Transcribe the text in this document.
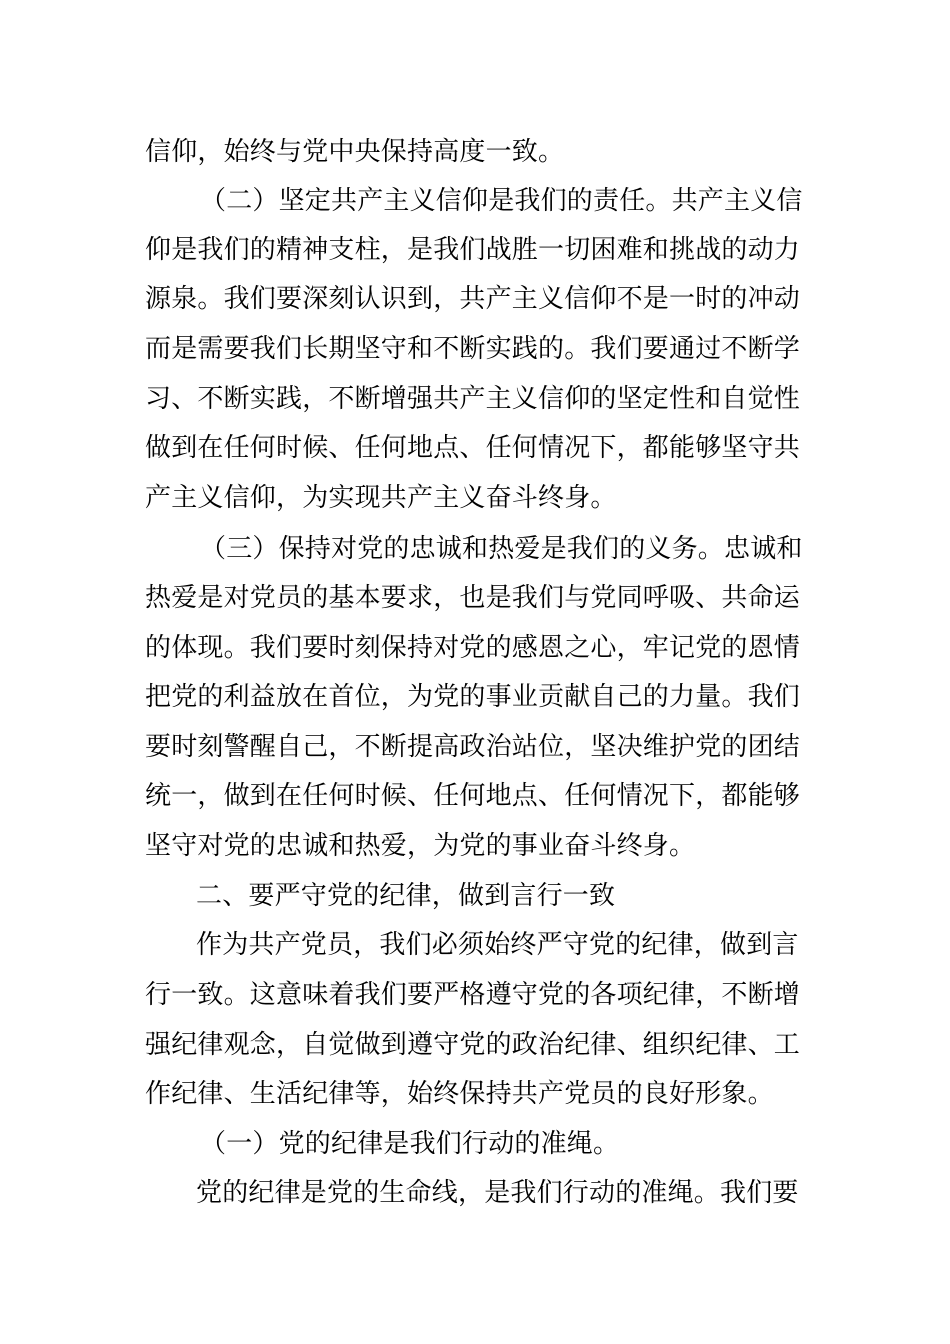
信仰，始终与党中央保持高度一致。
（二）坚定共产主义信仰是我们的责任。共产主义信
仰是我们的精神支柱，是我们战胜一切困难和挑战的动力
源泉。我们要深刻认识到，共产主义信仰不是一时的冲动
而是需要我们长期坚守和不断实践的。我们要通过不断学
习、不断实践，不断增强共产主义信仰的坚定性和自觉性
做到在任何时候、任何地点、任何情况下，都能够坚守共
产主义信仰，为实现共产主义奋斗终身。
（三）保持对党的忠诚和热爱是我们的义务。忠诚和
热爱是对党员的基本要求，也是我们与党同呼吸、共命运
的体现。我们要时刻保持对党的感恩之心，牢记党的恩情
把党的利益放在首位，为党的事业贡献自己的力量。我们
要时刻警醒自己，不断提高政治站位，坚决维护党的团结
统一，做到在任何时候、任何地点、任何情况下，都能够
坚守对党的忠诚和热爱，为党的事业奋斗终身。
二、要严守党的纪律，做到言行一致
作为共产党员，我们必须始终严守党的纪律，做到言
行一致。这意味着我们要严格遵守党的各项纪律，不断增
强纪律观念，自觉做到遵守党的政治纪律、组织纪律、工
作纪律、生活纪律等，始终保持共产党员的良好形象。
（一）党的纪律是我们行动的准绳。
党的纪律是党的生命线，是我们行动的准绳。我们要
